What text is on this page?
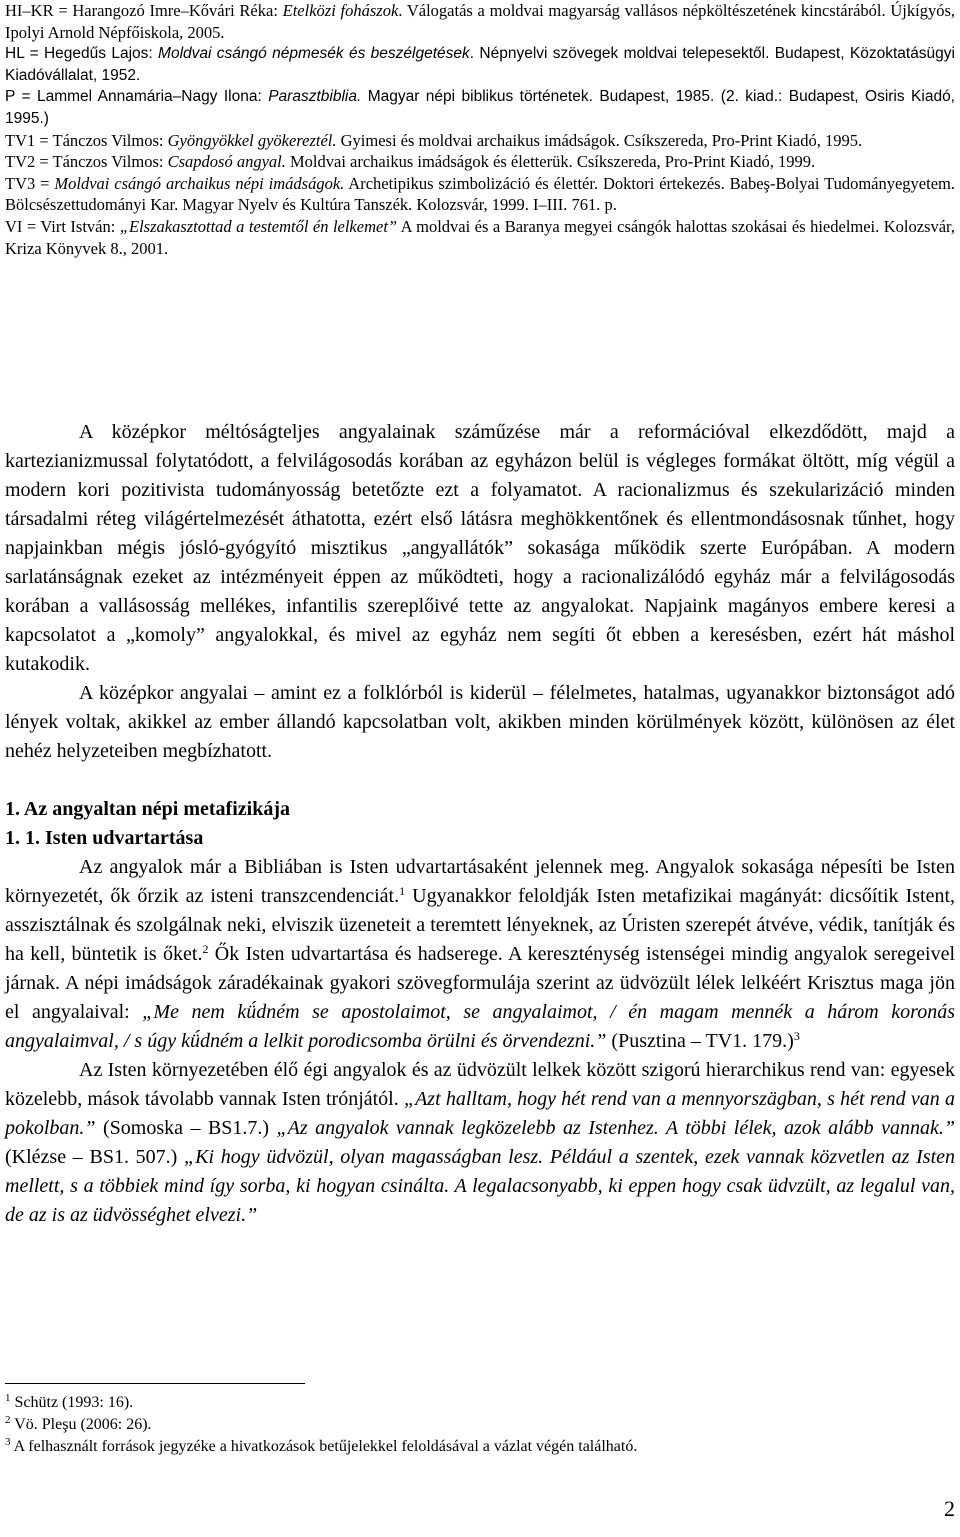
HI–KR = Harangozó Imre–Kővári Réka: Etelközi fohászok. Válogatás a moldvai magyarság vallásos népköltészetének kincstárából. Újkígyós, Ipolyi Arnold Népfőiskola, 2005.

HL = Hegedűs Lajos: Moldvai csángó népmesék és beszélgetések. Népnyelvi szövegek moldvai telepesektől. Budapest, Közoktatásügyi Kiadóvállalat, 1952.

P = Lammel Annamária–Nagy Ilona: Parasztbiblia. Magyar népi biblikus történetek. Budapest, 1985. (2. kiad.: Budapest, Osiris Kiadó, 1995.)

TV1 = Tánczos Vilmos: Gyöngyökkel gyökereztél. Gyimesi és moldvai archaikus imádságok. Csíkszereda, Pro-Print Kiadó, 1995.

TV2 = Tánczos Vilmos: Csapdosó angyal. Moldvai archaikus imádságok és életterük. Csíkszereda, Pro-Print Kiadó, 1999.

TV3 = Moldvai csángó archaikus népi imádságok. Archetipikus szimbolizáció és élettér. Doktori értekezés. Babeş-Bolyai Tudományegyetem. Bölcsészettudományi Kar. Magyar Nyelv és Kultúra Tanszék. Kolozsvár, 1999. I–III. 761. p.

VI = Virt István: „Elszakasztottad a testemtől én lelkemet” A moldvai és a Baranya megyei csángók halottas szokásai és hiedelmei. Kolozsvár, Kriza Könyvek 8., 2001.

A középkor méltóságteljes angyalainak száműzése már a reformációval elkezdődött, majd a kartezianizmussal folytatódott, a felvilágosodás korában az egyházon belül is végleges formákat öltött, míg végül a modern kori pozitivista tudományosság betetőzte ezt a folyamatot. A racionalizmus és szekularizáció minden társadalmi réteg világértelmezését áthatotta, ezért első látásra meghökkentőnek és ellentmondásosnak tűnhet, hogy napjainkban mégis jósló-gyógyító misztikus „angyallátók” sokasága működik szerte Európában. A modern sarlatánságnak ezeket az intézményeit éppen az működteti, hogy a racionalizálódó egyház már a felvilágosodás korában a vallásosság mellékes, infantilis szereplőivé tette az angyalokat. Napjaink magányos embere keresi a kapcsolatot a „komoly” angyalokkal, és mivel az egyház nem segíti őt ebben a keresésben, ezért hát máshol kutakodik.

A középkor angyalai – amint ez a folklórból is kiderül – félelmetes, hatalmas, ugyanakkor biztonságot adó lények voltak, akikkel az ember állandó kapcsolatban volt, akikben minden körülmények között, különösen az élet nehéz helyzeteiben megbízhatott.

1. Az angyaltan népi metafizikája
1. 1. Isten udvartartása

Az angyalok már a Bibliában is Isten udvartartásaként jelennek meg. Angyalok sokasága népesíti be Isten környezetét, ők őrzik az isteni transzcendenciát.$^1$ Ugyanakkor feloldják Isten metafizikai magányát: dicsőítik Istent, asszisztálnak és szolgálnak neki, elviszik üzeneteit a teremtett lényeknek, az Úristen szerepét átvéve, védik, tanítják és ha kell, büntetik is őket.$^2$ Ők Isten udvartartása és hadserege. A kereszténység istenségei mindig angyalok seregeivel járnak. A népi imádságok záradékainak gyakori szövegformulája szerint az üdvözült lélek lelkéért Krisztus maga jön el angyalaival: „Me nem kǘdném se apostolaimot, se angyalaimot, / én magam mennék a három koronás angyalaimval, / s úgy kǘdném a lelkit porodicsomba örülni és örvendezni.” (Pusztina – TV1. 179.)$^3$

Az Isten környezetében élő égi angyalok és az üdvözült lelkek között szigorú hierarchikus rend van: egyesek közelebb, mások távolabb vannak Isten trónjától. „Azt halltam, hogy hét rend van a mennyorszägban, s hét rend van a pokolban.” (Somoska – BS1.7.) „Az angyalok vannak legközelebb az Istenhez. A többi lélek, azok alább vannak.” (Klézse – BS1. 507.) „Ki hogy üdvözül, olyan magasságban lesz. Például a szentek, ezek vannak közvetlen az Isten mellett, s a többiek mind így sorba, ki hogyan csinálta. A legalacsonyabb, ki eppen hogy csak üdvzült, az legalul van, de az is az üdvösséghet elvezi.”

$^1$ Schütz (1993: 16).

$^2$ Vö. Pleşu (2006: 26).

$^3$ A felhasznált források jegyzéke a hivatkozások betűjelekkel feloldásával a vázlat végén található.

2
